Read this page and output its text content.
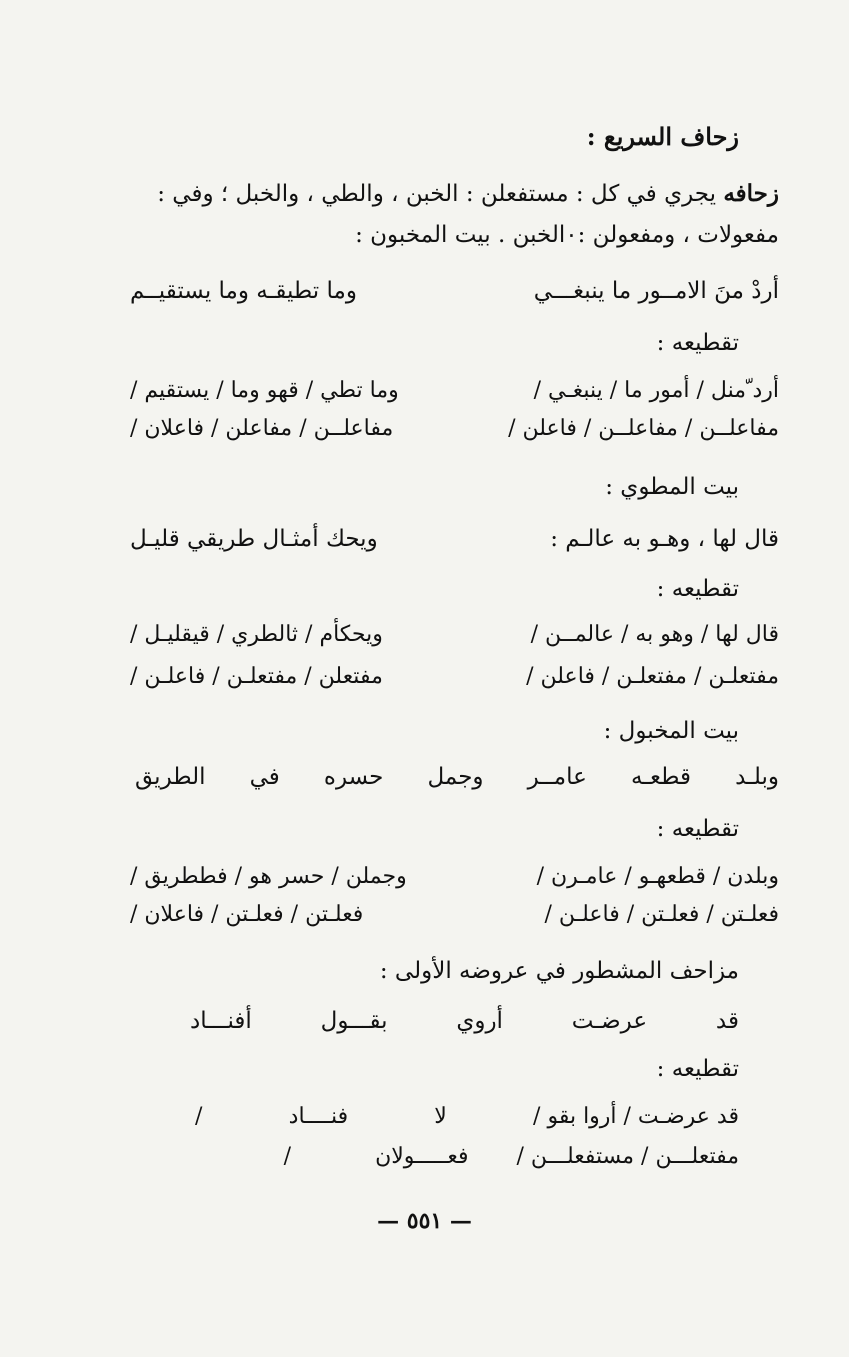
زحاف السريع :
زحافه يجري في كل : مستفعلن : الخبن ، والطي ، والخبل ؛ وفي :
مفعولات ، ومفعولن :٠الخبن . بيت المخبون :
أردْ منَ الامــور ما ينبغـــي
وما تطيقـه وما يستقيــم
تقطيعه :
أرد ّمنل / أمور ما / ينبغـي /
وما تطي / قهو وما / يستقيم /
مفاعلــن / مفاعلــن / فاعلن /
مفاعلــن / مفاعلن / فاعلان /
بيت المطوي :
قال لها ، وهـو به عالـم :
ويحك أمثـال طريقي قليـل
تقطيعه :
قال لها / وهو به / عالمــن /
ويحكأم / ثالطري / قيقليـل /
مفتعلـن / مفتعلـن / فاعلن /
مفتعلن / مفتعلـن / فاعلـن /
بيت المخبول :
وبلـد
قطعـه
عامــر
وجمل
حسره
في
الطريق
تقطيعه :
وبلدن / قطعهـو / عامـرن /
وجملن / حسر هو / فططريق /
فعلـتن / فعلـتن / فاعلـن /
فعلـتن / فعلـتن / فاعلان /
مزاحف المشطور في عروضه الأولى :
قد
عرضـت
أروي
بقـــول
أفنـــاد
تقطيعه :
قد عرضـت / أروا بقو /
لا
فنــــاد
/
مفتعلـــن / مستفعلـــن /  فعـــــولان  /
— ٥٥١ —
